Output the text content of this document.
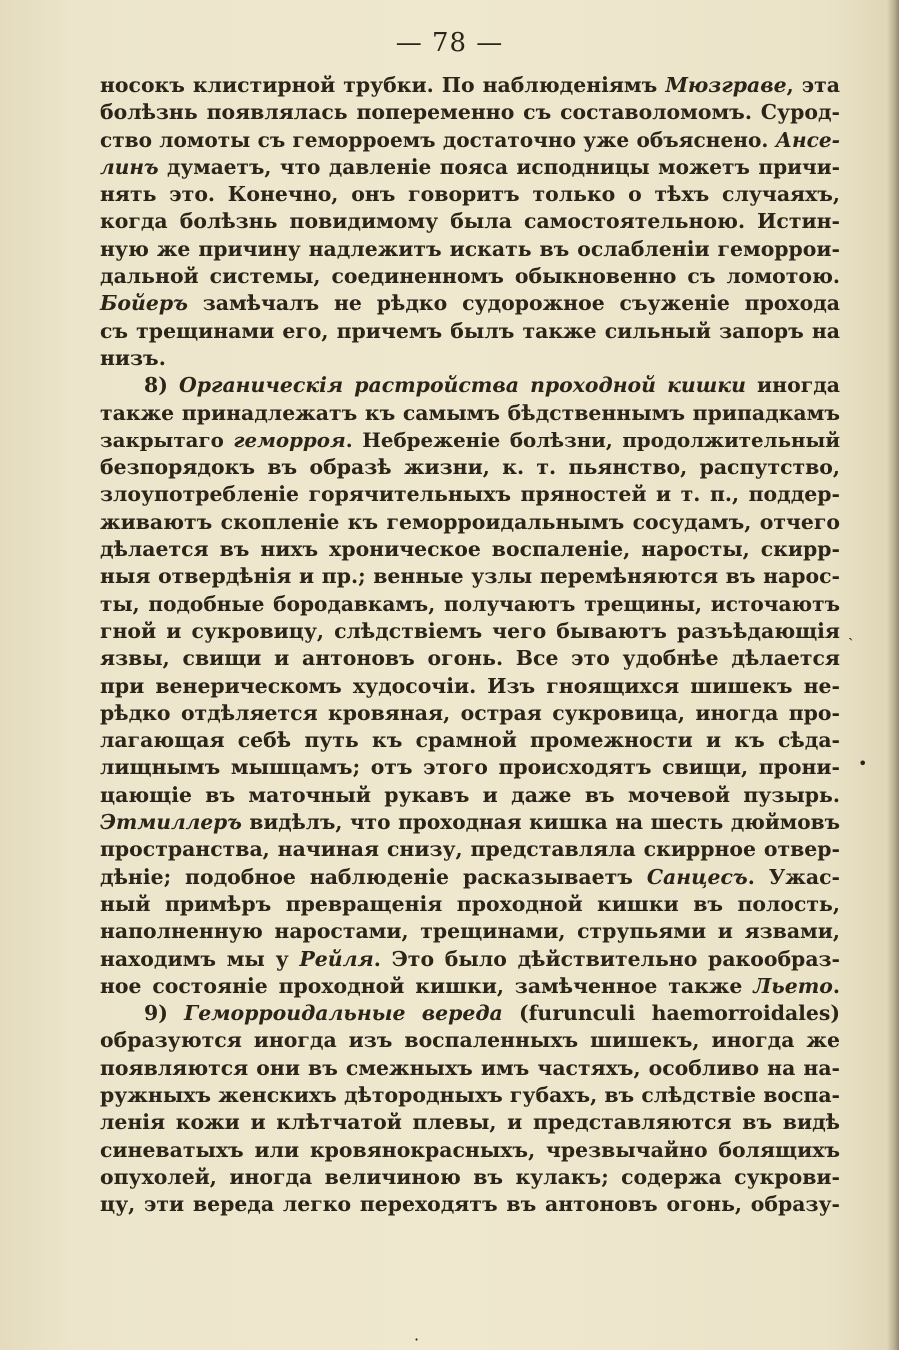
— 78 —
носокъ клистирной трубки. По наблюденіямъ Мюзграве, эта
болѣзнь появлялась попеременно съ составоломомъ. Сурод-
ство ломоты съ геморроемъ достаточно уже объяснено. Ансе-
линъ думаетъ, что давленіе пояса исподницы можетъ причи-
нять это. Конечно, онъ говоритъ только о тѣхъ случаяхъ,
когда болѣзнь повидимому была самостоятельною. Истин-
ную же причину надлежитъ искать въ ослабленіи геморрои-
дальной системы, соединенномъ обыкновенно съ ломотою.
Бойеръ замѣчалъ не рѣдко судорожное съуженіе прохода
съ трещинами его, причемъ былъ также сильный запоръ на
низъ.
8) Органическія растройства проходной кишки иногда
также принадлежатъ къ самымъ бѣдственнымъ припадкамъ
закрытаго геморроя. Небреженіе болѣзни, продолжительный
безпорядокъ въ образѣ жизни, к. т. пьянство, распутство,
злоупотребленіе горячительныхъ пряностей и т. п., поддер-
живаютъ скопленіе къ геморроидальнымъ сосудамъ, отчего
дѣлается въ нихъ хроническое воспаленіе, наросты, скирр-
ныя отвердѣнія и пр.; венные узлы перемѣняются въ нарос-
ты, подобные бородавкамъ, получаютъ трещины, источаютъ
гной и сукровицу, слѣдствіемъ чего бываютъ разъѣдающія
язвы, свищи и антоновъ огонь. Все это удобнѣе дѣлается
при венерическомъ худосочіи. Изъ гноящихся шишекъ не-
рѣдко отдѣляется кровяная, острая сукровица, иногда про-
лагающая себѣ путь къ срамной промежности и къ сѣда-
лищнымъ мышцамъ; отъ этого происходятъ свищи, прони-
цающіе въ маточный рукавъ и даже въ мочевой пузырь.
Этмиллеръ видѣлъ, что проходная кишка на шесть дюймовъ
пространства, начиная снизу, представляла скиррное отвер-
дѣніе; подобное наблюденіе расказываетъ Санцесъ. Ужас-
ный примѣръ превращенія проходной кишки въ полость,
наполненную наростами, трещинами, струпьями и язвами,
находимъ мы у Рейля. Это было дѣйствительно ракообраз-
ное состояніе проходной кишки, замѣченное также Льето.
9) Геморроидальные вереда (furunculi haemorroidales)
образуются иногда изъ воспаленныхъ шишекъ, иногда же
появляются они въ смежныхъ имъ частяхъ, особливо на на-
ружныхъ женскихъ дѣтородныхъ губахъ, въ слѣдствіе воспа-
ленія кожи и клѣтчатой плевы, и представляются въ видѣ
синеватыхъ или кровянокрасныхъ, чрезвычайно болящихъ
опухолей, иногда величиною въ кулакъ; содержа сукрови-
цу, эти вереда легко переходятъ въ антоновъ огонь, образу-
ˏ
•
·
